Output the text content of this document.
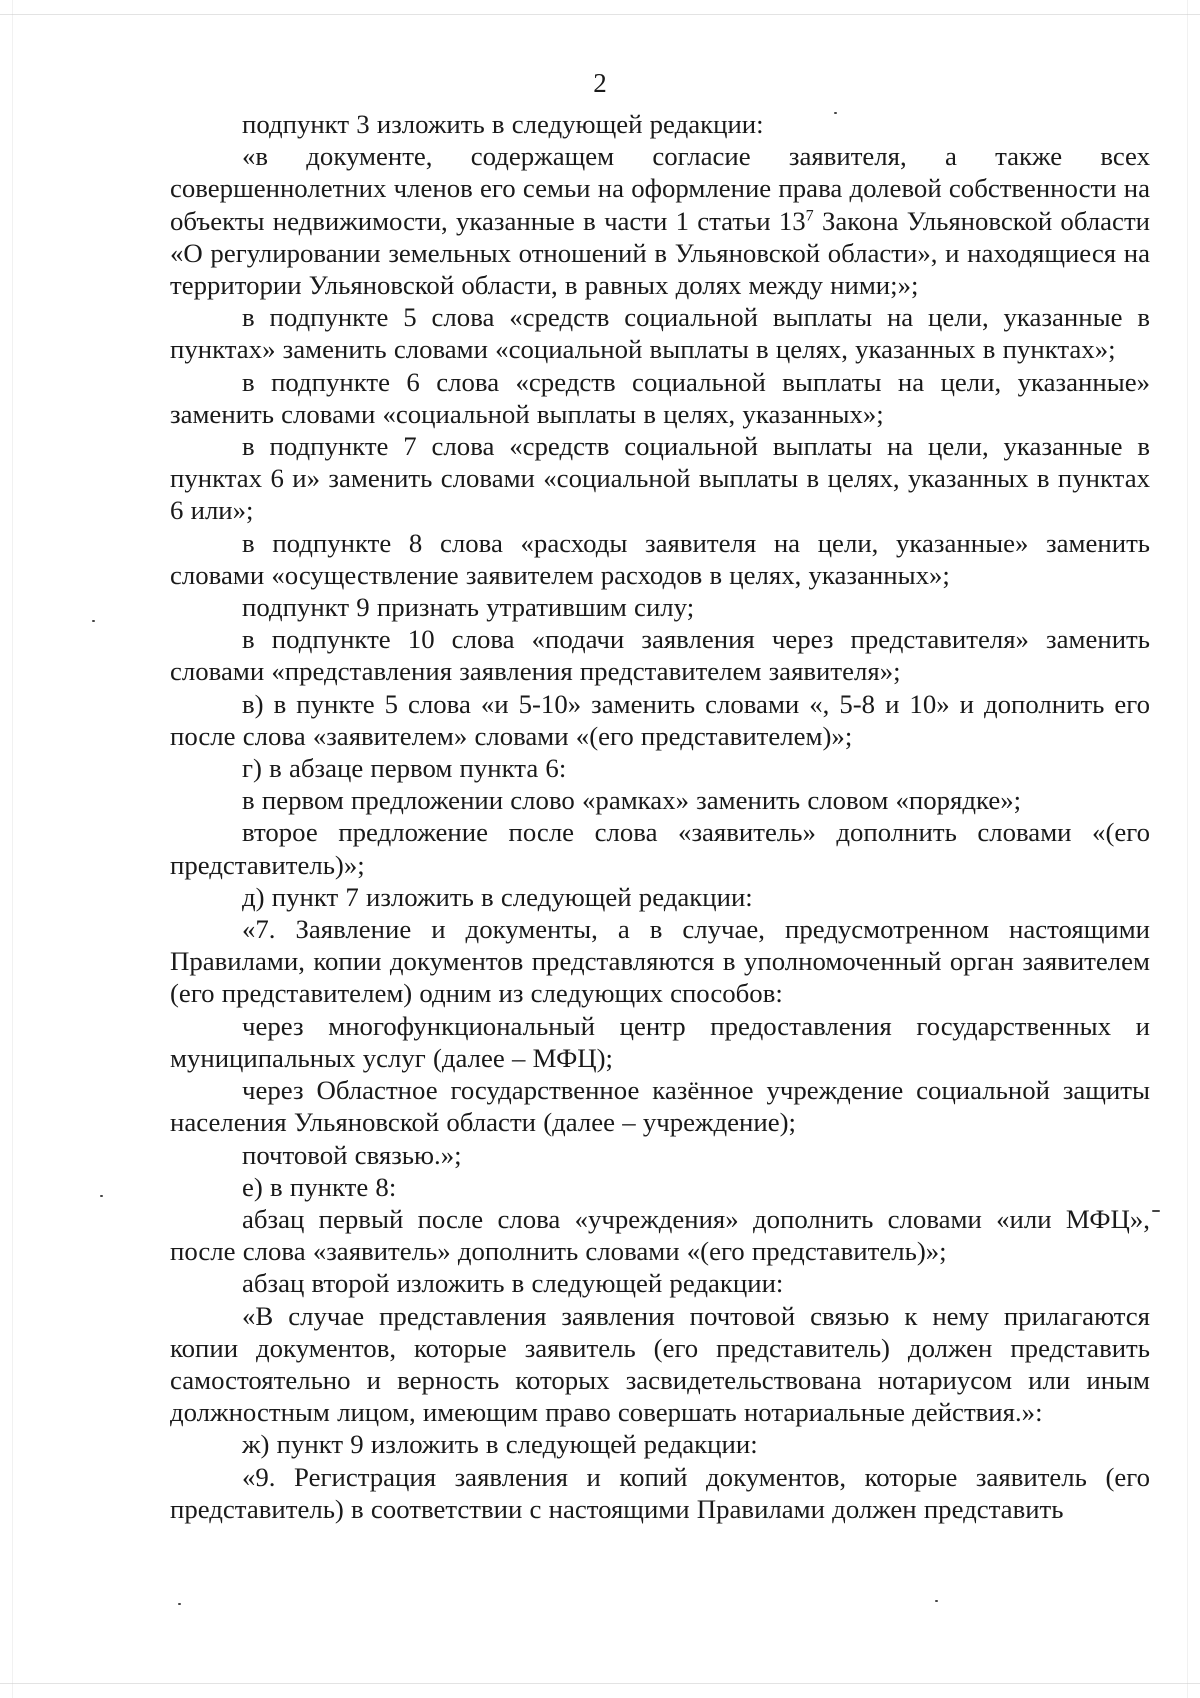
2

подпункт 3 изложить в следующей редакции:

«в документе, содержащем согласие заявителя, а также всех совершеннолетних членов его семьи на оформление права долевой собственности на объекты недвижимости, указанные в части 1 статьи $13^7$ Закона Ульяновской области «О регулировании земельных отношений в Ульяновской области», и находящиеся на территории Ульяновской области, в равных долях между ними;»;

в подпункте 5 слова «средств социальной выплаты на цели, указанные в пунктах» заменить словами «социальной выплаты в целях, указанных в пунктах»;

в подпункте 6 слова «средств социальной выплаты на цели, указанные» заменить словами «социальной выплаты в целях, указанных»;

в подпункте 7 слова «средств социальной выплаты на цели, указанные в пунктах 6 и» заменить словами «социальной выплаты в целях, указанных в пунктах 6 или»;

в подпункте 8 слова «расходы заявителя на цели, указанные» заменить словами «осуществление заявителем расходов в целях, указанных»;

подпункт 9 признать утратившим силу;

в подпункте 10 слова «подачи заявления через представителя» заменить словами «представления заявления представителем заявителя»;

в) в пункте 5 слова «и 5-10» заменить словами «, 5-8 и 10» и дополнить его после слова «заявителем» словами «(его представителем)»;

г) в абзаце первом пункта 6:

в первом предложении слово «рамках» заменить словом «порядке»;

второе предложение после слова «заявитель» дополнить словами «(его представитель)»;

д) пункт 7 изложить в следующей редакции:

«7. Заявление и документы, а в случае, предусмотренном настоящими Правилами, копии документов представляются в уполномоченный орган заявителем (его представителем) одним из следующих способов:

через многофункциональный центр предоставления государственных и муниципальных услуг (далее – МФЦ);

через Областное государственное казённое учреждение социальной защиты населения Ульяновской области (далее – учреждение);

почтовой связью.»;

е) в пункте 8:

абзац первый после слова «учреждения» дополнить словами «или МФЦ», после слова «заявитель» дополнить словами «(его представитель)»;

абзац второй изложить в следующей редакции:

«В случае представления заявления почтовой связью к нему прилагаются копии документов, которые заявитель (его представитель) должен представить самостоятельно и верность которых засвидетельствована нотариусом или иным должностным лицом, имеющим право совершать нотариальные действия.»:

ж) пункт 9 изложить в следующей редакции:

«9. Регистрация заявления и копий документов, которые заявитель (его представитель) в соответствии с настоящими Правилами должен представить
